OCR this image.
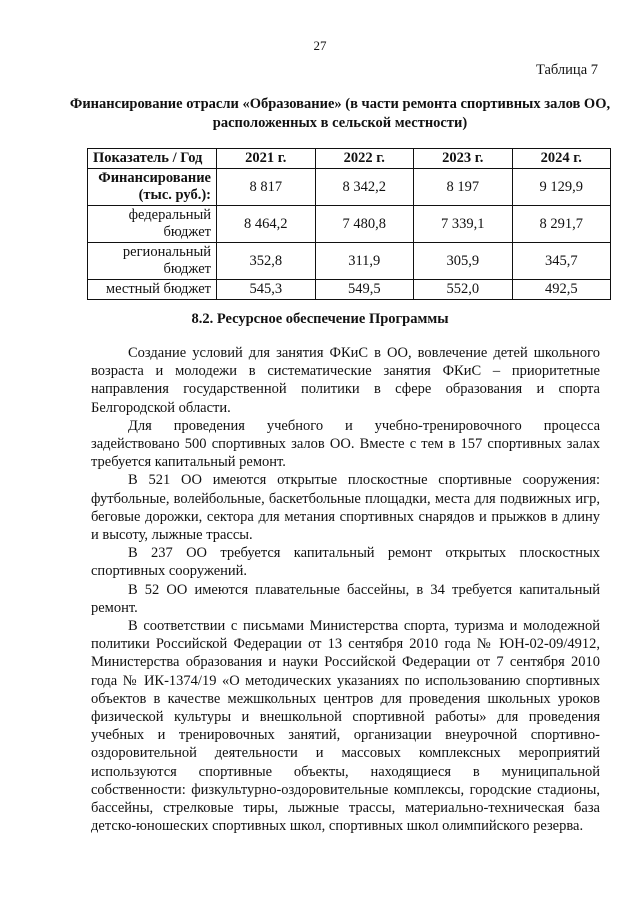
27
Таблица 7
Финансирование отрасли «Образование» (в части ремонта спортивных залов ОО, расположенных в сельской местности)
Показатель / Год	2021 г.	2022 г.	2023 г.	2024 г.
Финансирование (тыс. руб.):	8 817	8 342,2	8 197	9 129,9
федеральный бюджет	8 464,2	7 480,8	7 339,1	8 291,7
региональный бюджет	352,8	311,9	305,9	345,7
местный бюджет	545,3	549,5	552,0	492,5
8.2. Ресурсное обеспечение Программы

Создание условий для занятия ФКиС в ОО, вовлечение детей школьного возраста и молодежи в систематические занятия ФКиС – приоритетные направления государственной политики в сфере образования и спорта Белгородской области.

Для проведения учебного и учебно-тренировочного процесса задействовано 500 спортивных залов ОО. Вместе с тем в 157 спортивных залах требуется капитальный ремонт.

В 521 ОО имеются открытые плоскостные спортивные сооружения: футбольные, волейбольные, баскетбольные площадки, места для подвижных игр, беговые дорожки, сектора для метания спортивных снарядов и прыжков в длину и высоту, лыжные трассы.

В 237 ОО требуется капитальный ремонт открытых плоскостных спортивных сооружений.

В 52 ОО имеются плавательные бассейны, в 34 требуется капитальный ремонт.

В соответствии с письмами Министерства спорта, туризма и молодежной политики Российской Федерации от 13 сентября 2010 года № ЮН-02-09/4912, Министерства образования и науки Российской Федерации от 7 сентября 2010 года № ИК-1374/19 «О методических указаниях по использованию спортивных объектов в качестве межшкольных центров для проведения школьных уроков физической культуры и внешкольной спортивной работы» для проведения учебных и тренировочных занятий, организации внеурочной спортивно-оздоровительной деятельности и массовых комплексных мероприятий используются спортивные объекты, находящиеся в муниципальной собственности: физкультурно-оздоровительные комплексы, городские стадионы, бассейны, стрелковые тиры, лыжные трассы, материально-техническая база детско-юношеских спортивных школ, спортивных школ олимпийского резерва.
